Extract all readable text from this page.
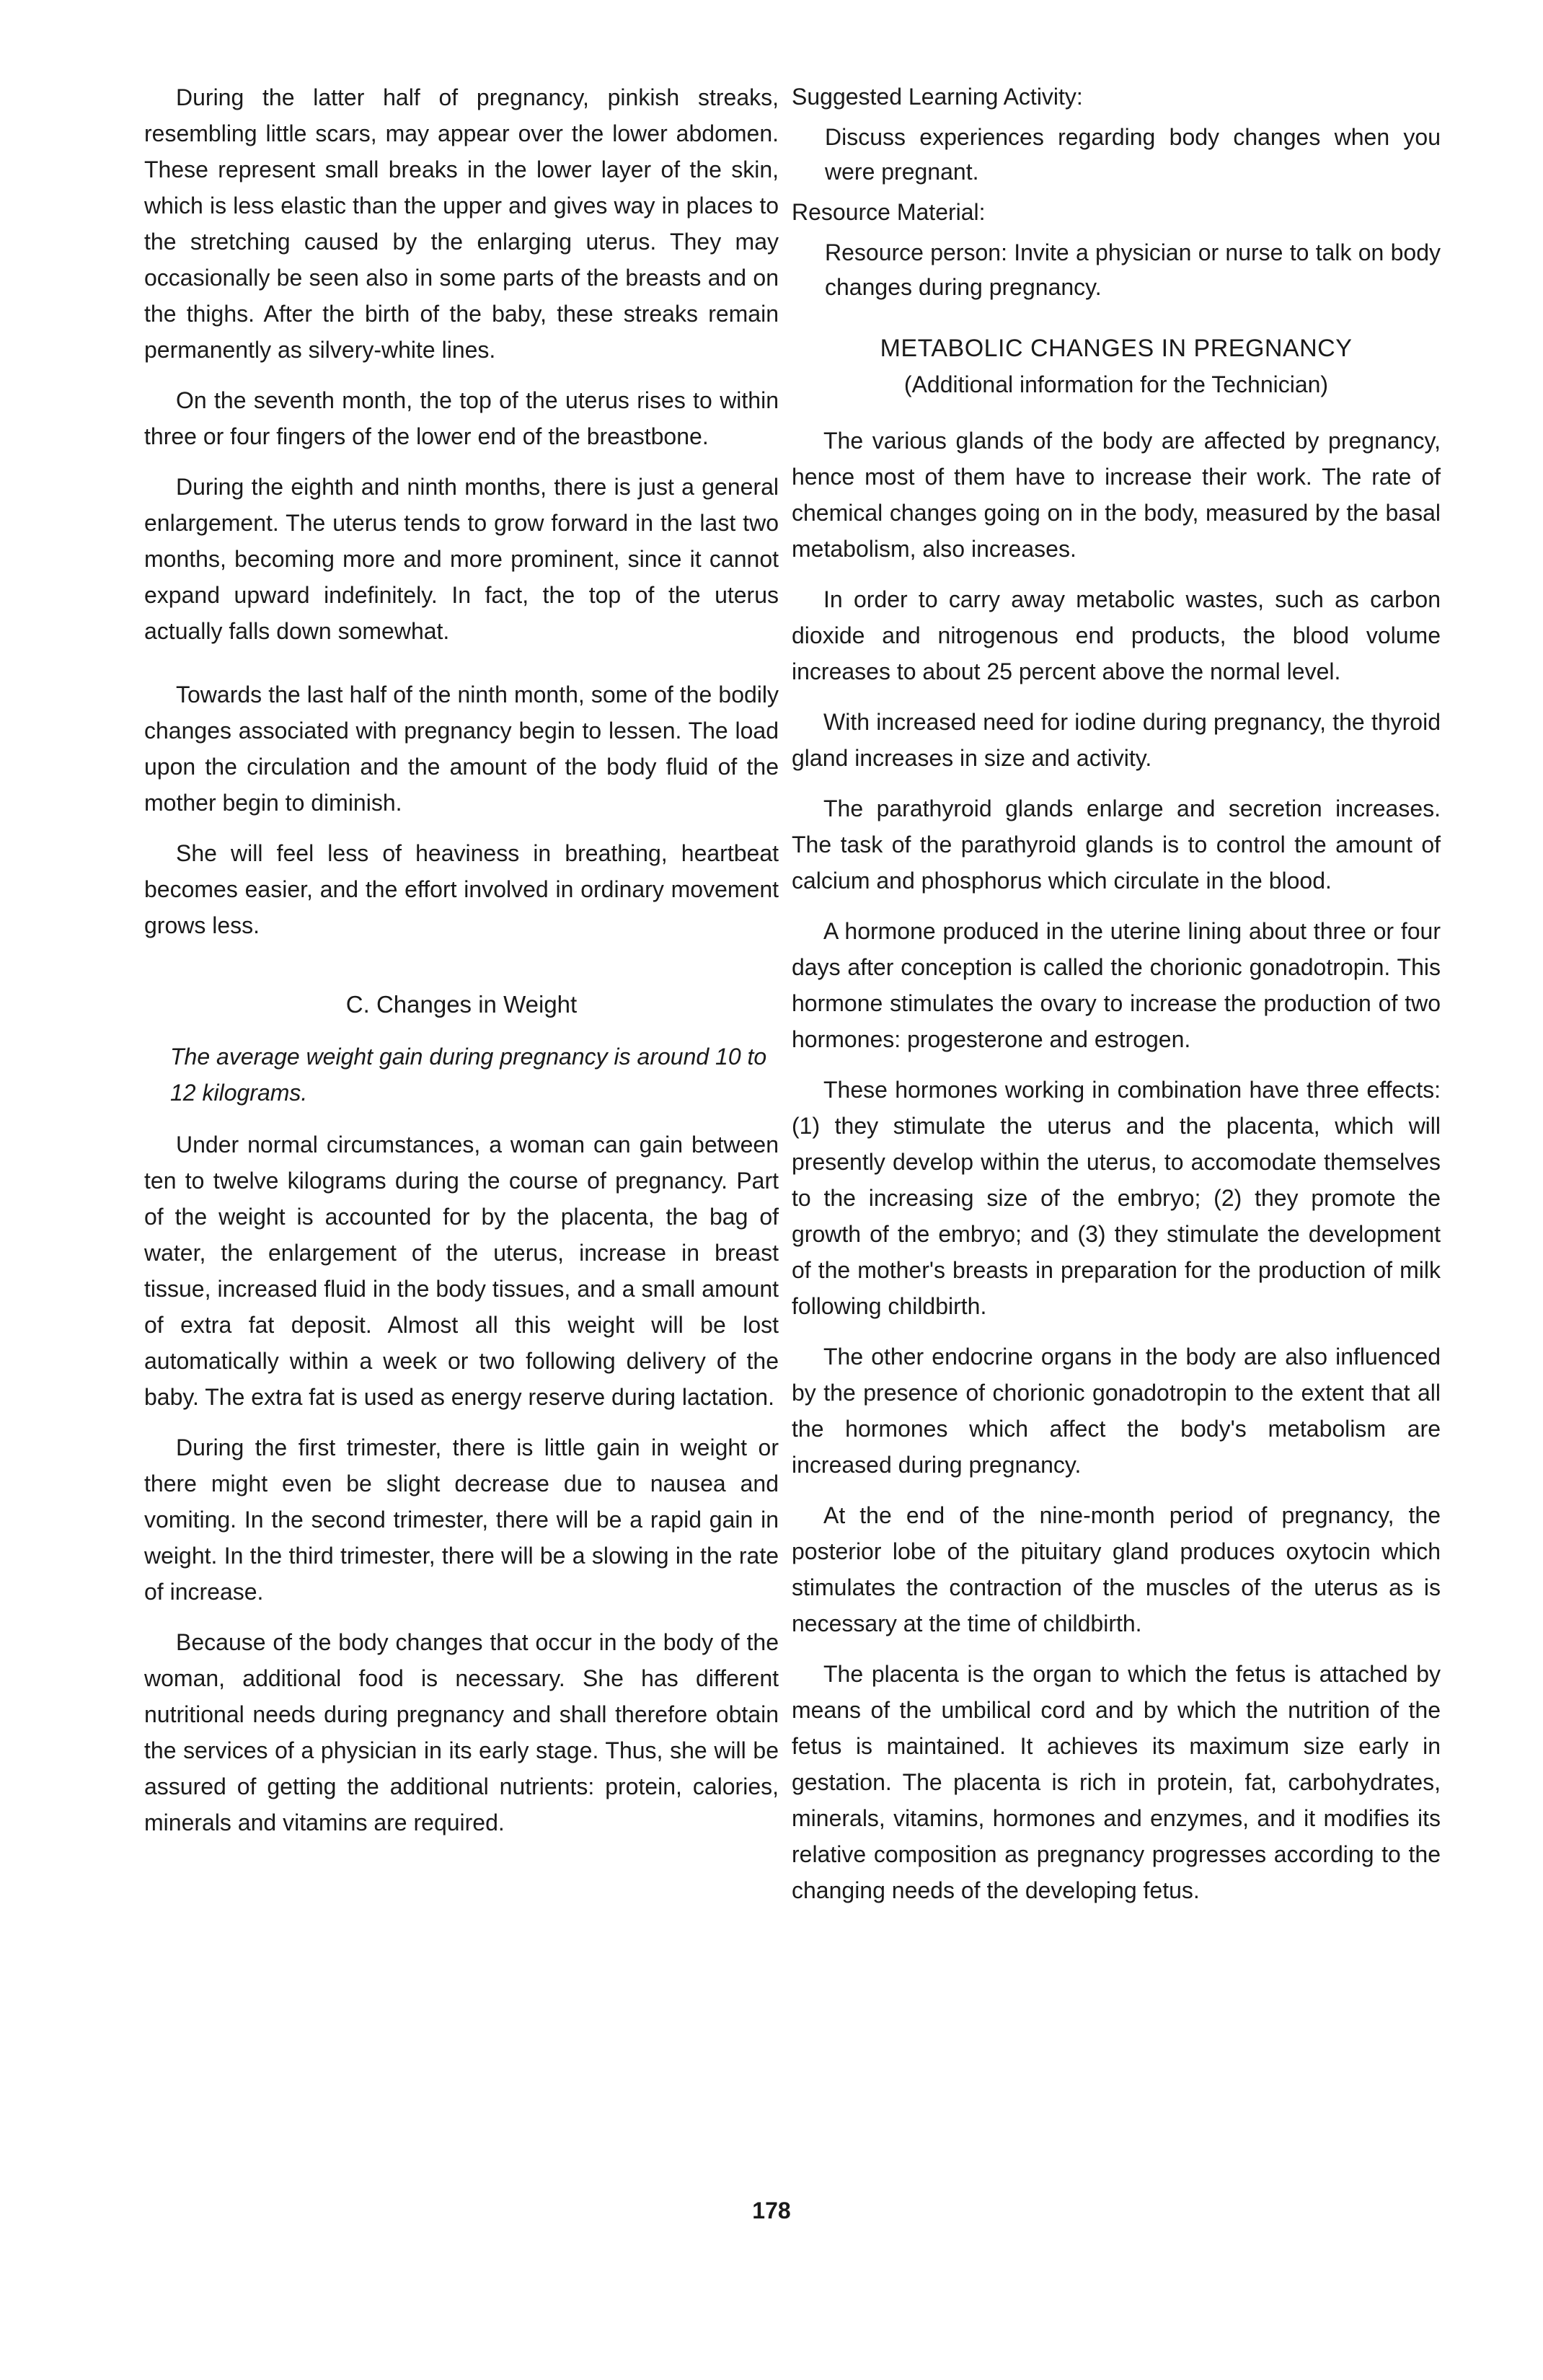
During the latter half of pregnancy, pinkish streaks, resembling little scars, may appear over the lower abdomen. These represent small breaks in the lower layer of the skin, which is less elastic than the upper and gives way in places to the stretching caused by the enlarging uterus. They may occasionally be seen also in some parts of the breasts and on the thighs. After the birth of the baby, these streaks remain permanently as silvery-white lines.

On the seventh month, the top of the uterus rises to within three or four fingers of the lower end of the breastbone.

During the eighth and ninth months, there is just a general enlargement. The uterus tends to grow forward in the last two months, becoming more and more prominent, since it cannot expand upward indefinitely. In fact, the top of the uterus actually falls down somewhat.

Towards the last half of the ninth month, some of the bodily changes associated with pregnancy begin to lessen. The load upon the circulation and the amount of the body fluid of the mother begin to diminish.

She will feel less of heaviness in breathing, heartbeat becomes easier, and the effort involved in ordinary movement grows less.

C. Changes in Weight
The average weight gain during pregnancy is around 10 to 12 kilograms.

Under normal circumstances, a woman can gain between ten to twelve kilograms during the course of pregnancy. Part of the weight is accounted for by the placenta, the bag of water, the enlargement of the uterus, increase in breast tissue, increased fluid in the body tissues, and a small amount of extra fat deposit. Almost all this weight will be lost automatically within a week or two following delivery of the baby. The extra fat is used as energy reserve during lactation.

During the first trimester, there is little gain in weight or there might even be slight decrease due to nausea and vomiting. In the second trimester, there will be a rapid gain in weight. In the third trimester, there will be a slowing in the rate of increase.

Because of the body changes that occur in the body of the woman, additional food is necessary. She has different nutritional needs during pregnancy and shall therefore obtain the services of a physician in its early stage. Thus, she will be assured of getting the additional nutrients: protein, calories, minerals and vitamins are required.

Suggested Learning Activity:

Discuss experiences regarding body changes when you were pregnant.

Resource Material:

Resource person: Invite a physician or nurse to talk on body changes during pregnancy.

METABOLIC CHANGES IN PREGNANCY
(Additional information for the Technician)

The various glands of the body are affected by pregnancy, hence most of them have to increase their work. The rate of chemical changes going on in the body, measured by the basal metabolism, also increases.

In order to carry away metabolic wastes, such as carbon dioxide and nitrogenous end products, the blood volume increases to about 25 percent above the normal level.

With increased need for iodine during pregnancy, the thyroid gland increases in size and activity.

The parathyroid glands enlarge and secretion increases. The task of the parathyroid glands is to control the amount of calcium and phosphorus which circulate in the blood.

A hormone produced in the uterine lining about three or four days after conception is called the chorionic gonadotropin. This hormone stimulates the ovary to increase the production of two hormones: progesterone and estrogen.

These hormones working in combination have three effects: (1) they stimulate the uterus and the placenta, which will presently develop within the uterus, to accomodate themselves to the increasing size of the embryo; (2) they promote the growth of the embryo; and (3) they stimulate the development of the mother's breasts in preparation for the production of milk following childbirth.

The other endocrine organs in the body are also influenced by the presence of chorionic gonadotropin to the extent that all the hormones which affect the body's metabolism are increased during pregnancy.

At the end of the nine-month period of pregnancy, the posterior lobe of the pituitary gland produces oxytocin which stimulates the contraction of the muscles of the uterus as is necessary at the time of childbirth.

The placenta is the organ to which the fetus is attached by means of the umbilical cord and by which the nutrition of the fetus is maintained. It achieves its maximum size early in gestation. The placenta is rich in protein, fat, carbohydrates, minerals, vitamins, hormones and enzymes, and it modifies its relative composition as pregnancy progresses according to the changing needs of the developing fetus.

178
